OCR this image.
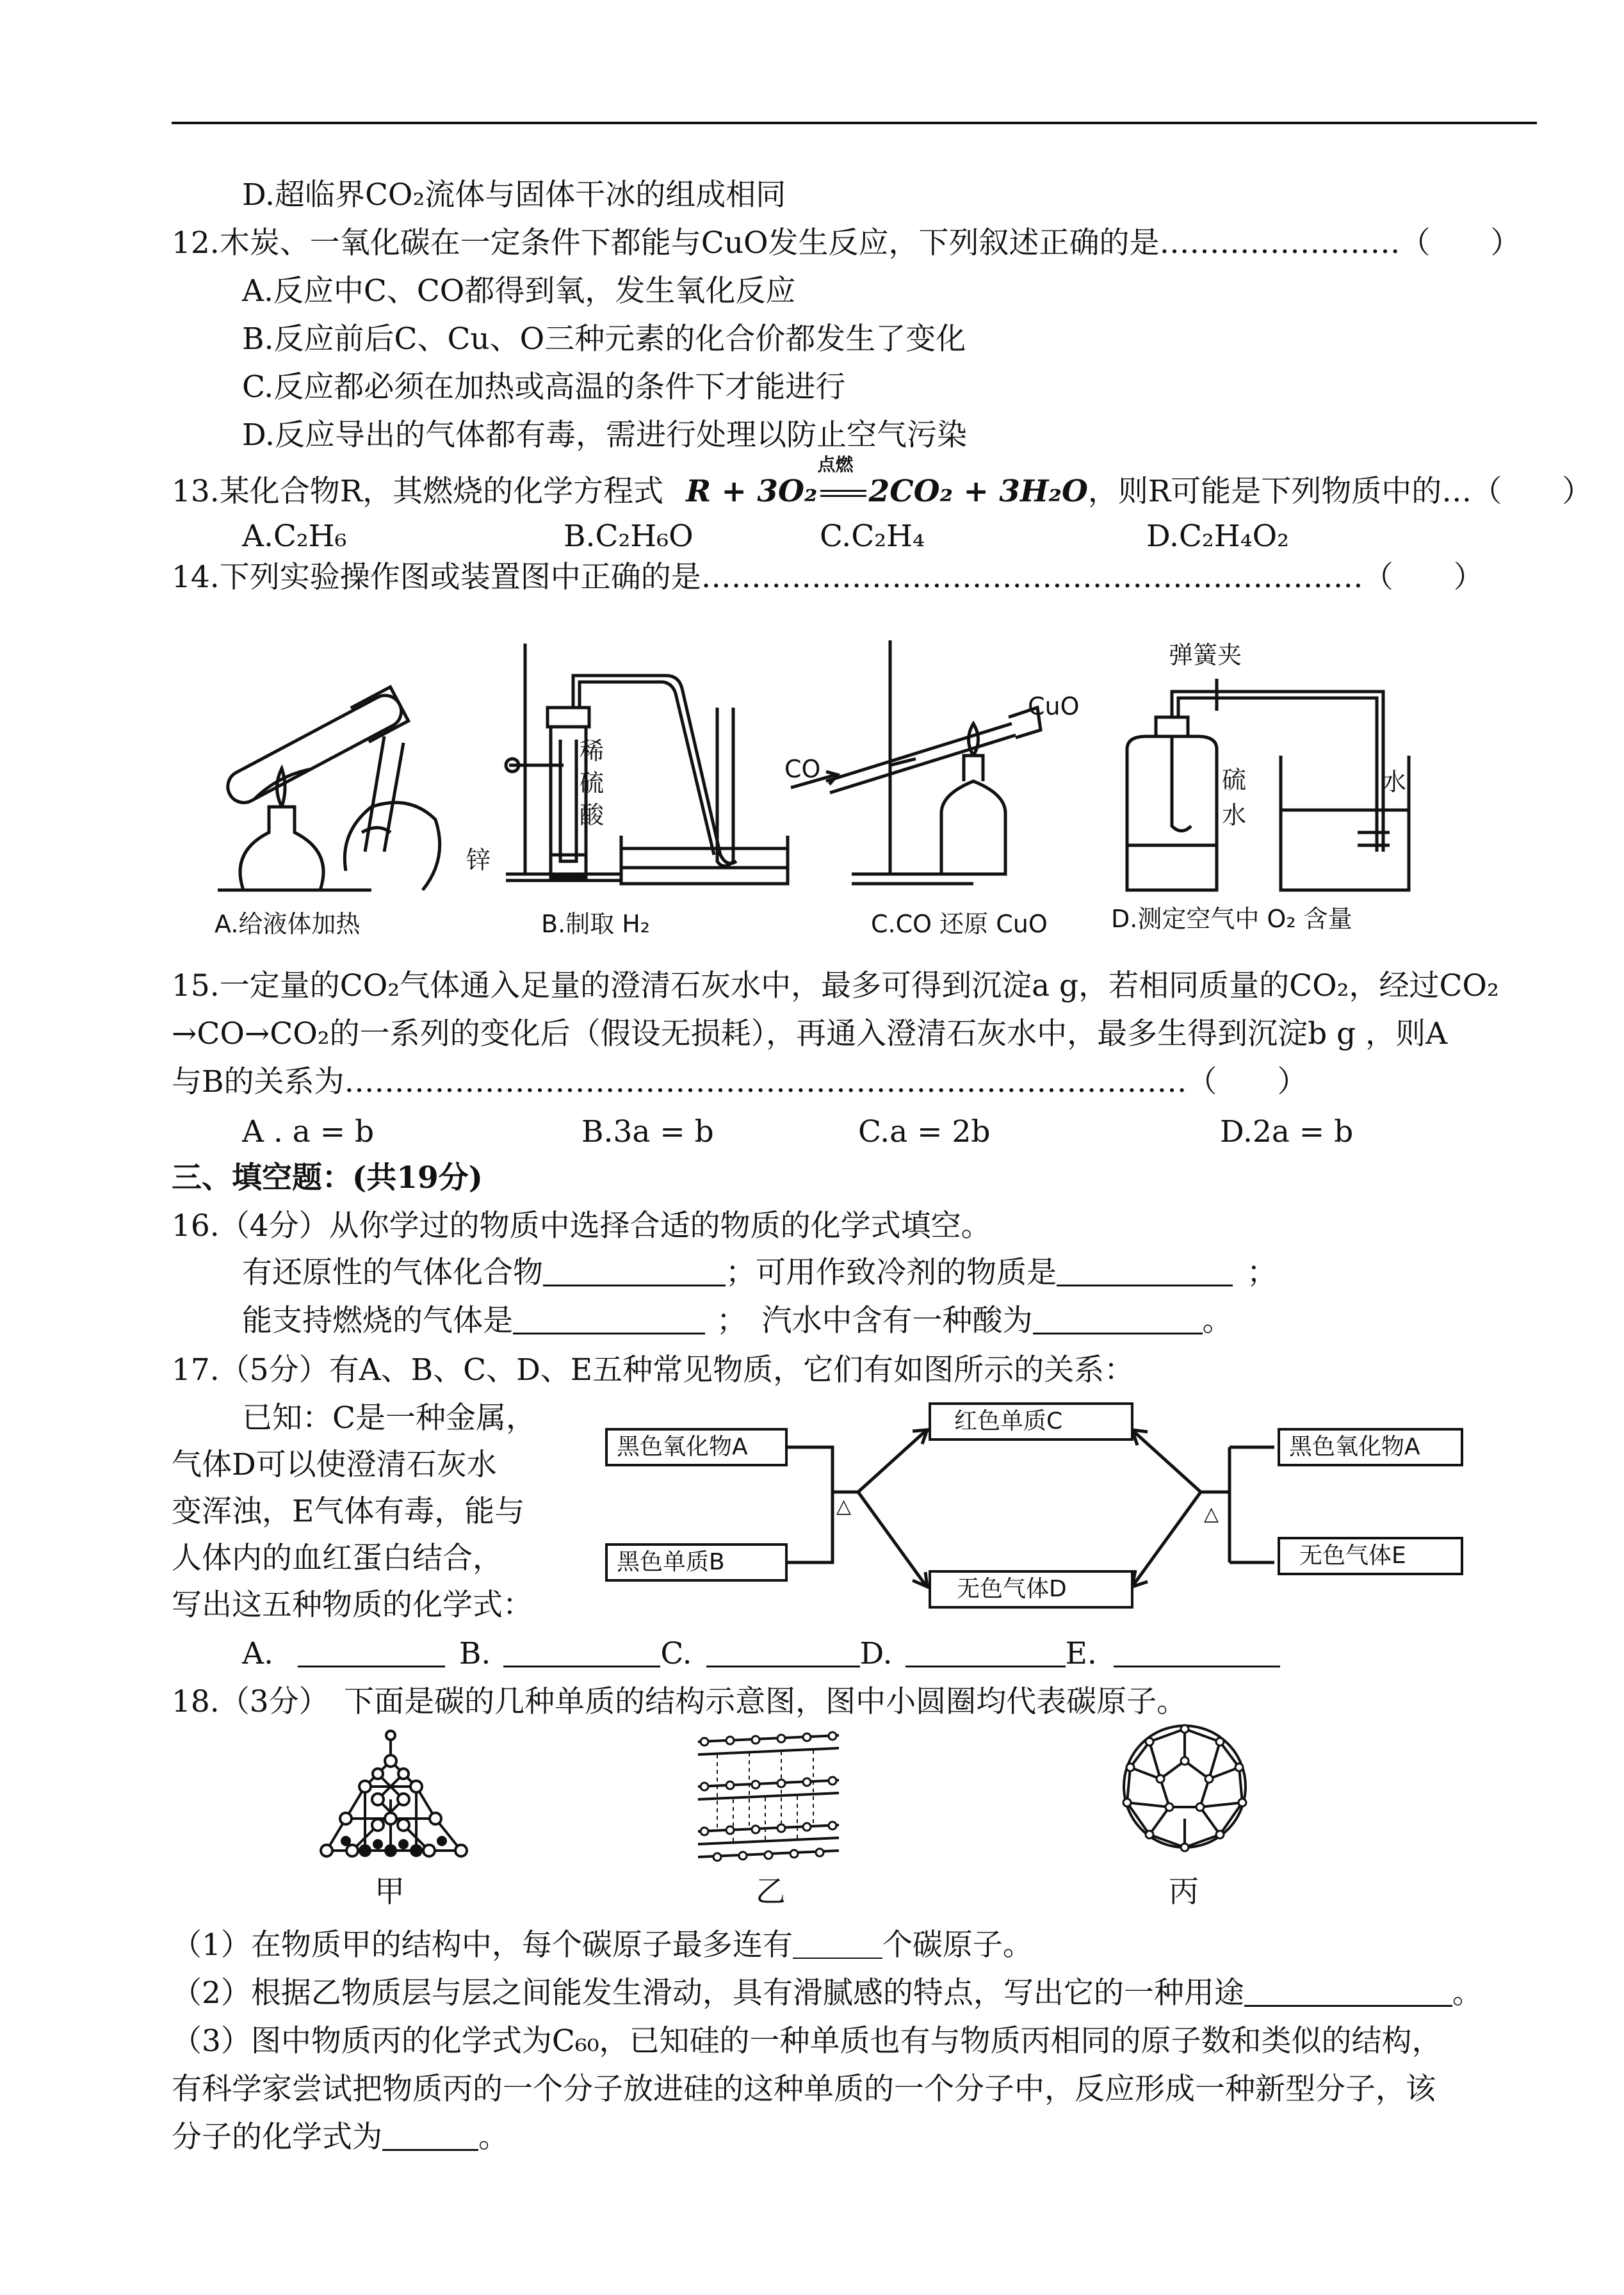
D.超临界CO₂流体与固体干冰的组成相同
12.木炭、一氧化碳在一定条件下都能与CuO发生反应，下列叙述正确的是……………………（　　）
A.反应中C、CO都得到氧，发生氧化反应
B.反应前后C、Cu、O三种元素的化合价都发生了变化
C.反应都必须在加热或高温的条件下才能进行
D.反应导出的气体都有毒，需进行处理以防止空气污染
13.某化合物R，其燃烧的化学方程式 R + 3O₂
点燃
2CO₂ + 3H₂O，则R可能是下列物质中的…（　　）
A.C₂H₆	B.C₂H₆O	C.C₂H₄	D.C₂H₄O₂
14.下列实验操作图或装置图中正确的是…………………………………………………………（　　）
A.给液体加热
锌
稀
硫
酸
B.制取 H₂
CO
CuO
C.CO 还原 CuO
弹簧夹
硫
水
水
D.测定空气中 O₂ 含量
15.一定量的CO₂气体通入足量的澄清石灰水中，最多可得到沉淀a g，若相同质量的CO₂，经过CO₂
→CO→CO₂的一系列的变化后（假设无损耗），再通入澄清石灰水中，最多生得到沉淀b g ，则A
与B的关系为…………………………………………………………………………（　　）
A . a = b	B.3a = b	C.a = 2b	D.2a = b
三、填空题：(共19分)
16.（4分）从你学过的物质中选择合适的物质的化学式填空。
有还原性的气体化合物	；可用作致冷剂的物质是	；
能支持燃烧的气体是	；　汽水中含有一种酸为	。
17.（5分）有A、B、C、D、E五种常见物质，它们有如图所示的关系：
已知：C是一种金属，
气体D可以使澄清石灰水
变浑浊，E气体有毒，能与
人体内的血红蛋白结合，
写出这五种物质的化学式：
黑色氧化物A
黑色单质B
红色单质C
无色气体D
黑色氧化物A
无色气体E
△	△
A.	B.	C.	D.	E.
18.（3分）　下面是碳的几种单质的结构示意图，图中小圆圈均代表碳原子。
甲	乙	丙
（1）在物质甲的结构中，每个碳原子最多连有	个碳原子。
（2）根据乙物质层与层之间能发生滑动，具有滑腻感的特点，写出它的一种用途	。
（3）图中物质丙的化学式为C₆₀，已知硅的一种单质也有与物质丙相同的原子数和类似的结构，
有科学家尝试把物质丙的一个分子放进硅的这种单质的一个分子中，反应形成一种新型分子，该
分子的化学式为	。
